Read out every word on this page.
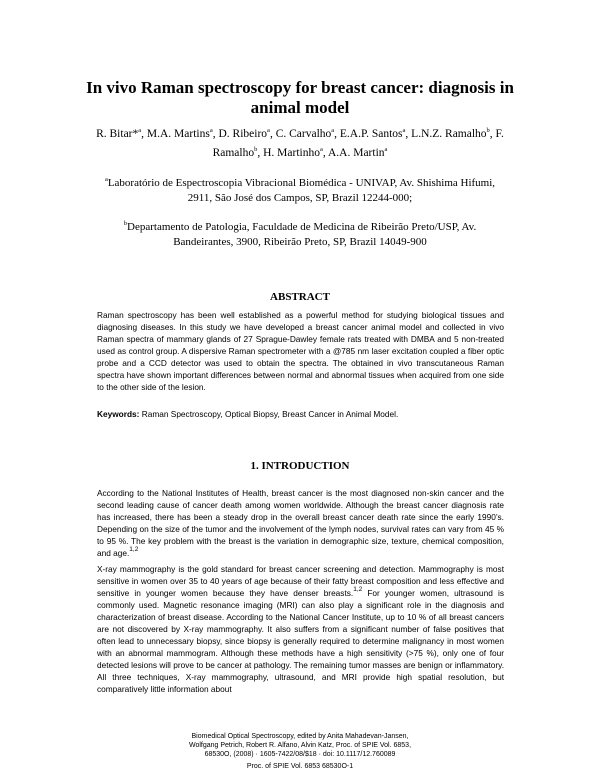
In vivo Raman spectroscopy for breast cancer: diagnosis in
animal model
R. Bitar*$^a$, M.A. Martins$^a$, D. Ribeiro$^a$, C. Carvalho$^a$, E.A.P. Santos$^a$, L.N.Z. Ramalho$^b$, F.
Ramalho$^b$, H. Martinho$^a$, A.A. Martin$^a$
$^a$Laboratório de Espectroscopia Vibracional Biomédica - UNIVAP, Av. Shishima Hifumi,
2911, São José dos Campos, SP, Brazil 12244-000;
$^b$Departamento de Patologia, Faculdade de Medicina de Ribeirão Preto/USP, Av.
Bandeirantes, 3900, Ribeirão Preto, SP, Brazil 14049-900
ABSTRACT

Raman spectroscopy has been well established as a powerful method for studying biological tissues and diagnosing diseases. In this study we have developed a breast cancer animal model and collected in vivo Raman spectra of mammary glands of 27 Sprague-Dawley female rats treated with DMBA and 5 non-treated used as control group. A dispersive Raman spectrometer with a @785 nm laser excitation coupled a fiber optic probe and a CCD detector was used to obtain the spectra. The obtained in vivo transcutaneous Raman spectra have shown important differences between normal and abnormal tissues when acquired from one side to the other side of the lesion.

Keywords: Raman Spectroscopy, Optical Biopsy, Breast Cancer in Animal Model.

1. INTRODUCTION

According to the National Institutes of Health, breast cancer is the most diagnosed non-skin cancer and the second leading cause of cancer death among women worldwide. Although the breast cancer diagnosis rate has increased, there has been a steady drop in the overall breast cancer death rate since the early 1990’s. Depending on the size of the tumor and the involvement of the lymph nodes, survival rates can vary from 45 % to 95 %. The key problem with the breast is the variation in demographic size, texture, chemical composition, and age.$^{1,2}$

X-ray mammography is the gold standard for breast cancer screening and detection. Mammography is most sensitive in women over 35 to 40 years of age because of their fatty breast composition and less effective and sensitive in younger women because they have denser breasts.$^{1,2}$ For younger women, ultrasound is commonly used. Magnetic resonance imaging (MRI) can also play a significant role in the diagnosis and characterization of breast disease. According to the National Cancer Institute, up to 10 % of all breast cancers are not discovered by X-ray mammography. It also suffers from a significant number of false positives that often lead to unnecessary biopsy, since biopsy is generally required to determine malignancy in most women with an abnormal mammogram. Although these methods have a high sensitivity (>75 %), only one of four detected lesions will prove to be cancer at pathology. The remaining tumor masses are benign or inflammatory. All three techniques, X-ray mammography, ultrasound, and MRI provide high spatial resolution, but comparatively little information about

Biomedical Optical Spectroscopy, edited by Anita Mahadevan-Jansen,
Wolfgang Petrich, Robert R. Alfano, Alvin Katz, Proc. of SPIE Vol. 6853,
68530O, (2008) · 1605-7422/08/$18 · doi: 10.1117/12.760089
Proc. of SPIE Vol. 6853 68530O-1
